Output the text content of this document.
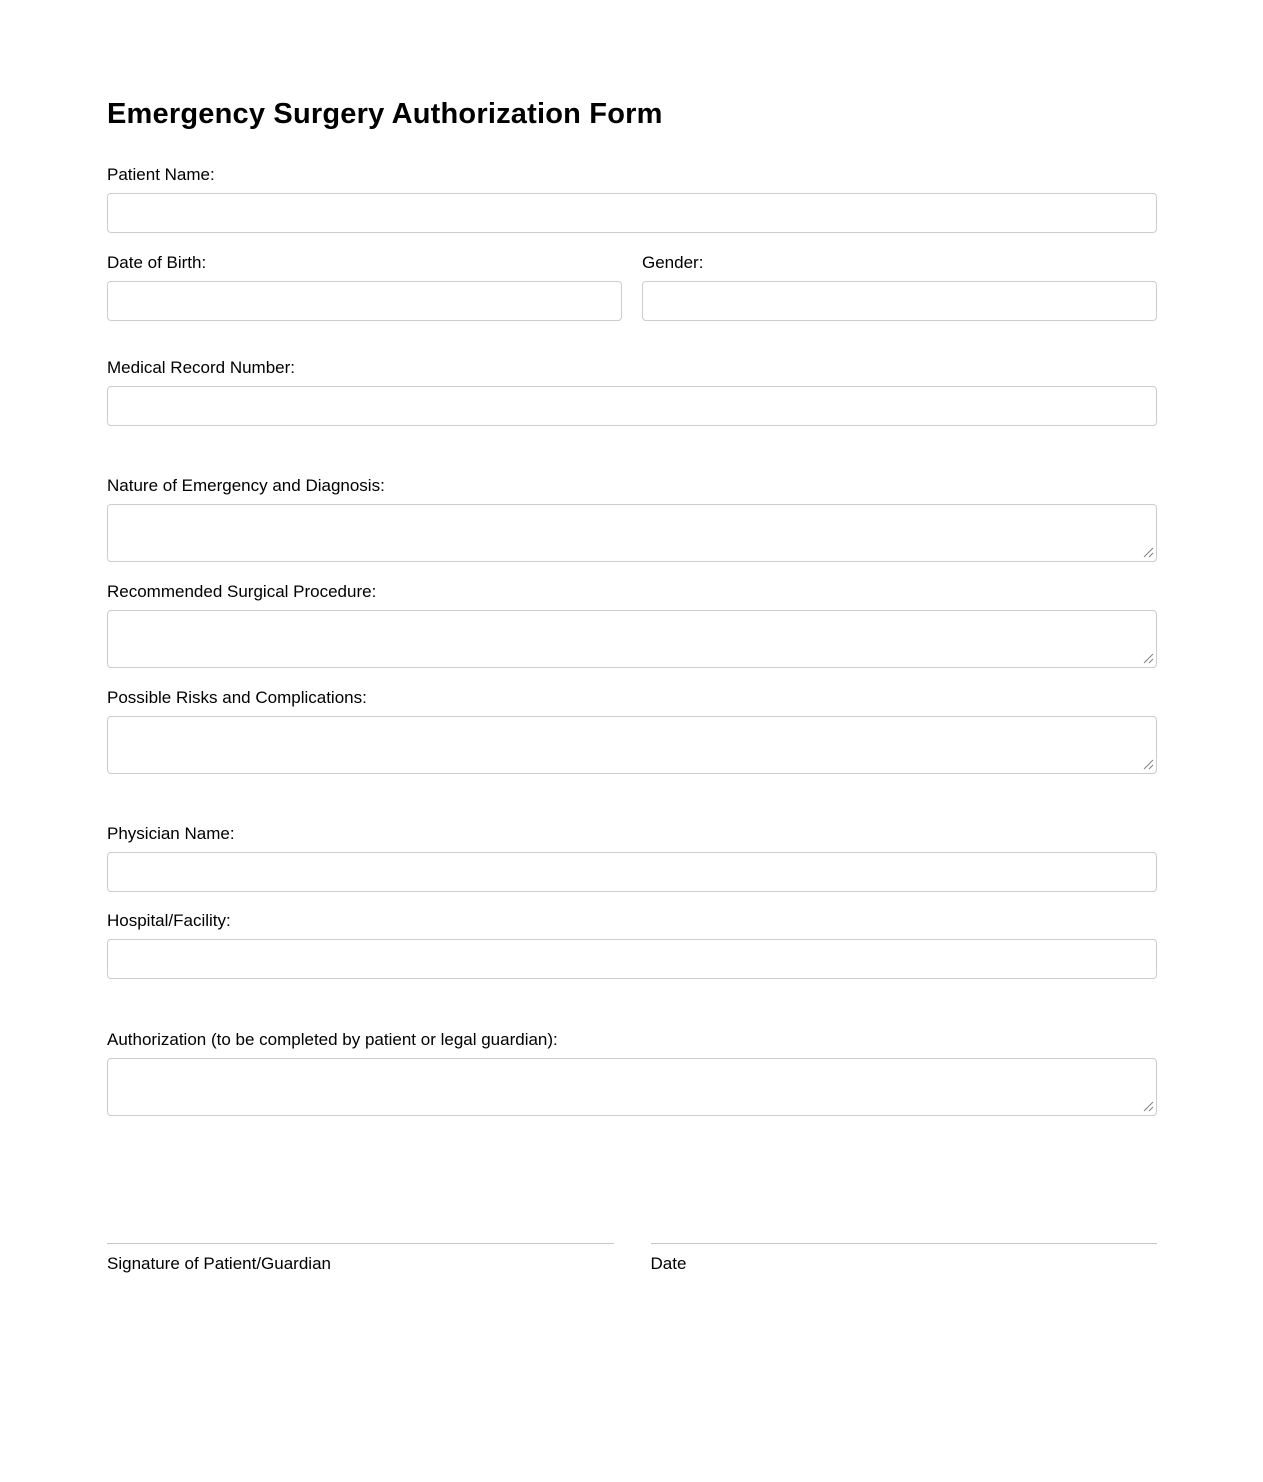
Emergency Surgery Authorization Form
Patient Name:
Date of Birth:	Gender:
Medical Record Number:
Nature of Emergency and Diagnosis:
Recommended Surgical Procedure:
Possible Risks and Complications:
Physician Name:
Hospital/Facility:
Authorization (to be completed by patient or legal guardian):
Signature of Patient/Guardian	Date
